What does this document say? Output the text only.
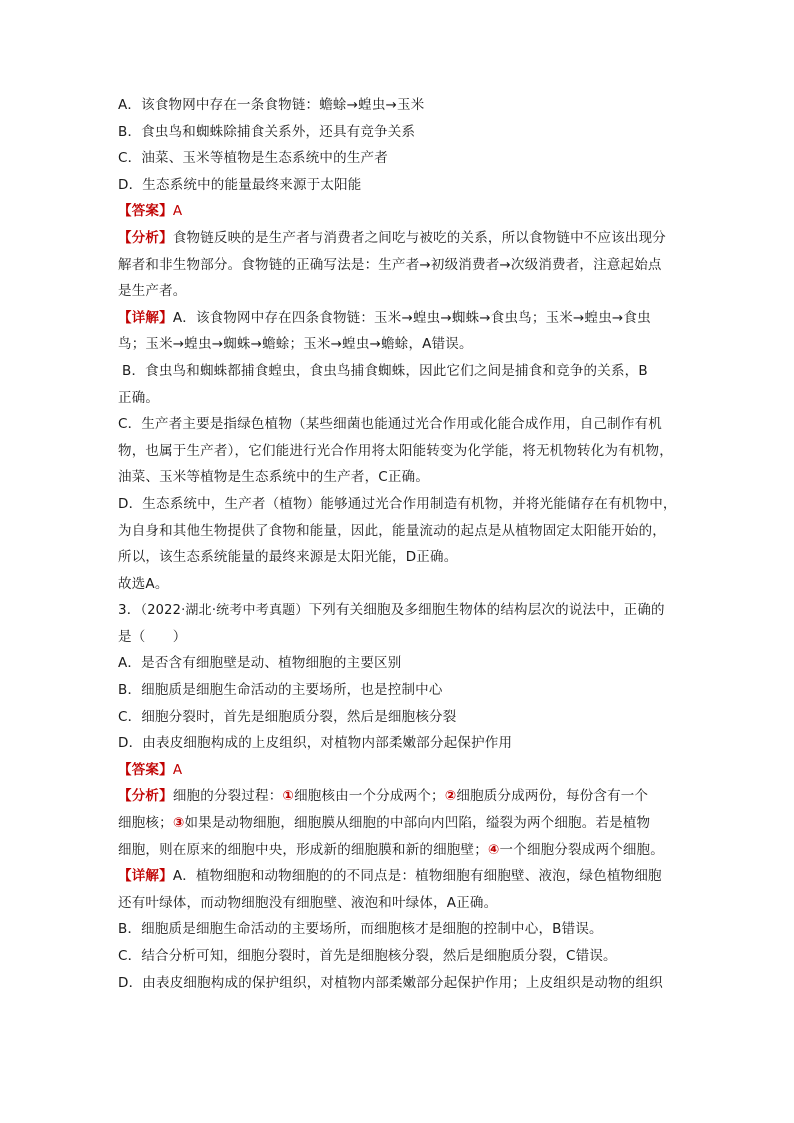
A．该食物网中存在一条食物链：蟾蜍→蝗虫→玉米
B．食虫鸟和蜘蛛除捕食关系外，还具有竞争关系
C．油菜、玉米等植物是生态系统中的生产者
D．生态系统中的能量最终来源于太阳能
【答案】A
【分析】食物链反映的是生产者与消费者之间吃与被吃的关系，所以食物链中不应该出现分
解者和非生物部分。食物链的正确写法是：生产者→初级消费者→次级消费者，注意起始点
是生产者。
【详解】A．该食物网中存在四条食物链：玉米→蝗虫→蜘蛛→食虫鸟；玉米→蝗虫→食虫
鸟；玉米→蝗虫→蜘蛛→蟾蜍；玉米→蝗虫→蟾蜍，A错误。
B．食虫鸟和蜘蛛都捕食蝗虫，食虫鸟捕食蜘蛛，因此它们之间是捕食和竞争的关系，B
正确。
C．生产者主要是指绿色植物（某些细菌也能通过光合作用或化能合成作用，自己制作有机
物，也属于生产者），它们能进行光合作用将太阳能转变为化学能，将无机物转化为有机物，
油菜、玉米等植物是生态系统中的生产者，C正确。
D．生态系统中，生产者（植物）能够通过光合作用制造有机物，并将光能储存在有机物中，
为自身和其他生物提供了食物和能量，因此，能量流动的起点是从植物固定太阳能开始的，
所以，该生态系统能量的最终来源是太阳光能，D正确。
故选A。
3．（2022·湖北·统考中考真题）下列有关细胞及多细胞生物体的结构层次的说法中，正确的
是（　　）
A．是否含有细胞壁是动、植物细胞的主要区别
B．细胞质是细胞生命活动的主要场所，也是控制中心
C．细胞分裂时，首先是细胞质分裂，然后是细胞核分裂
D．由表皮细胞构成的上皮组织，对植物内部柔嫩部分起保护作用
【答案】A
【分析】细胞的分裂过程：①细胞核由一个分成两个；②细胞质分成两份，每份含有一个
细胞核；③如果是动物细胞，细胞膜从细胞的中部向内凹陷，缢裂为两个细胞。若是植物
细胞，则在原来的细胞中央，形成新的细胞膜和新的细胞壁；④一个细胞分裂成两个细胞。
【详解】A．植物细胞和动物细胞的的不同点是：植物细胞有细胞壁、液泡，绿色植物细胞
还有叶绿体，而动物细胞没有细胞壁、液泡和叶绿体，A正确。
B．细胞质是细胞生命活动的主要场所，而细胞核才是细胞的控制中心，B错误。
C．结合分析可知，细胞分裂时，首先是细胞核分裂，然后是细胞质分裂，C错误。
D．由表皮细胞构成的保护组织，对植物内部柔嫩部分起保护作用；上皮组织是动物的组织
